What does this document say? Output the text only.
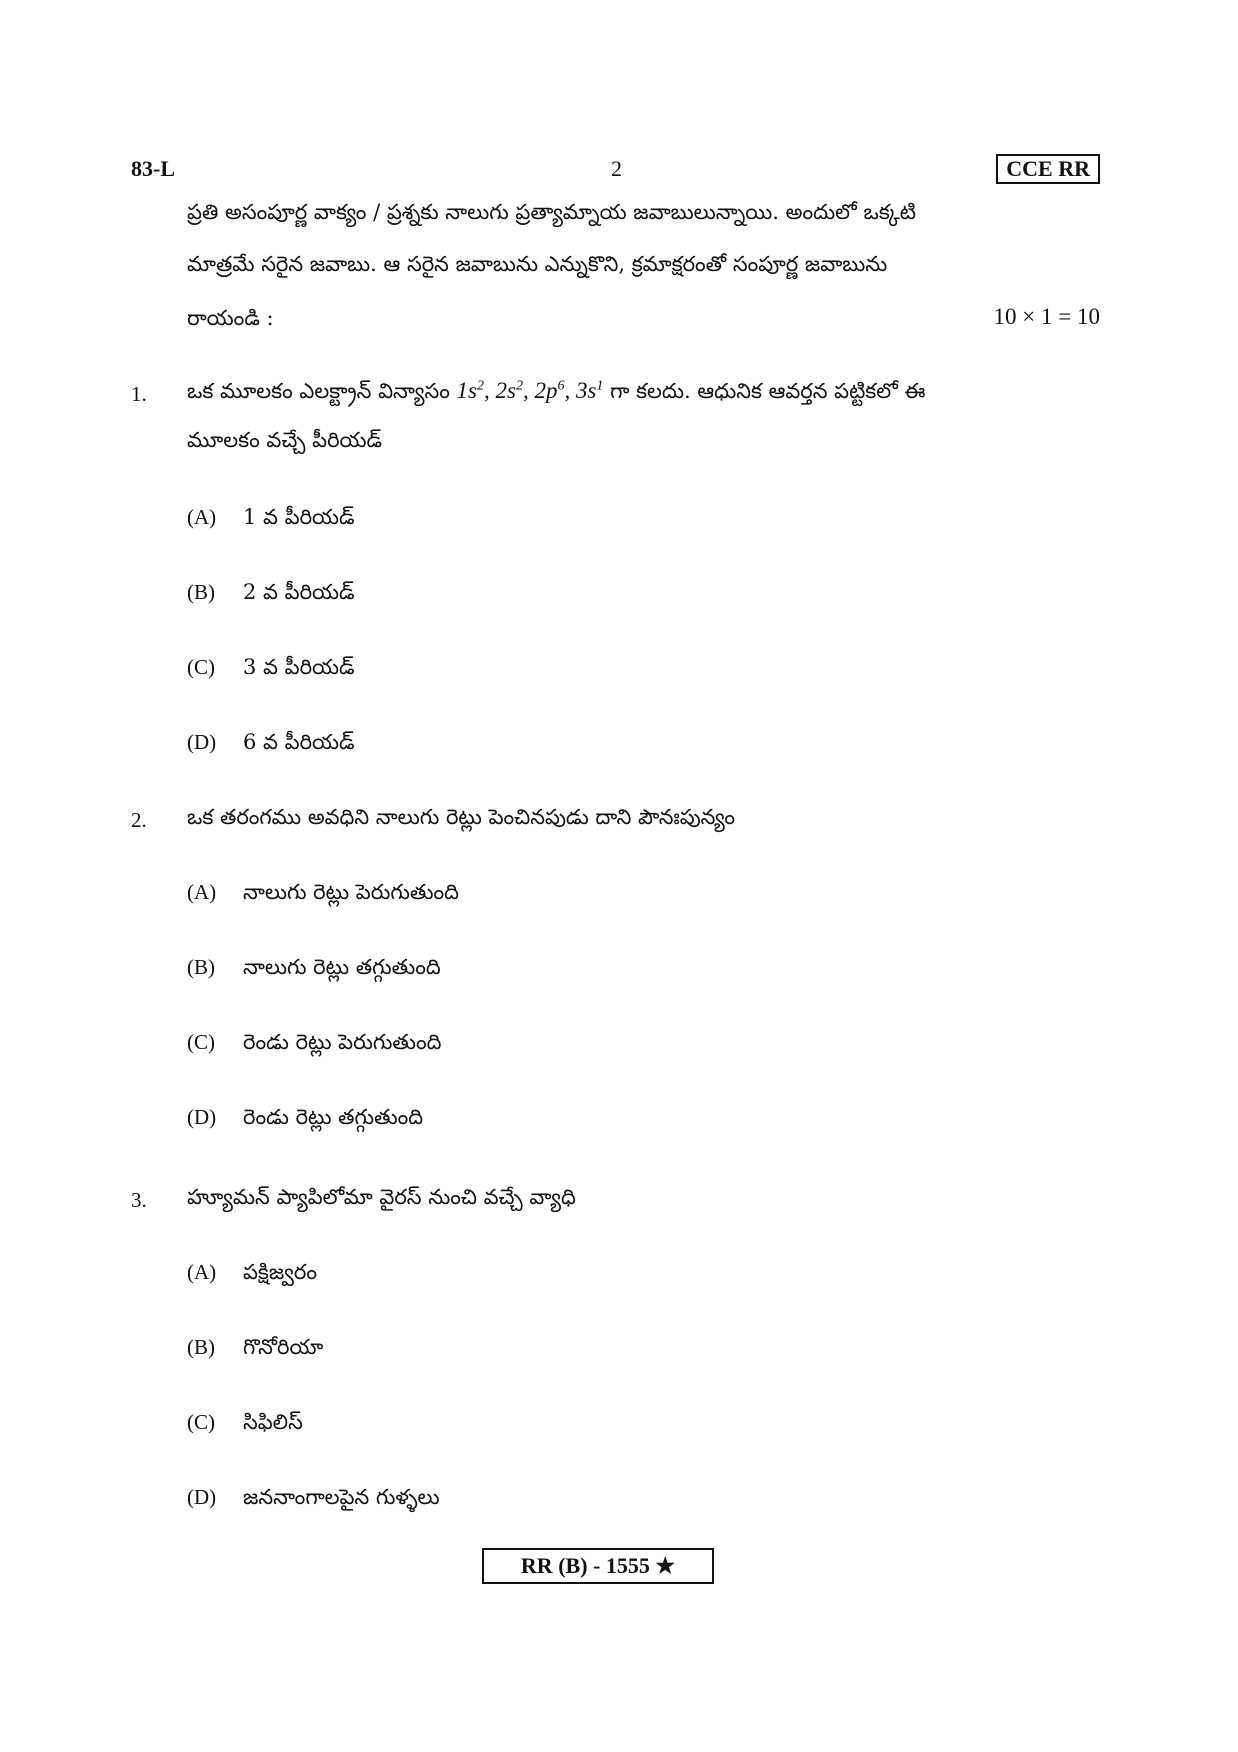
83-L	2	CCE RR
ప్రతి అసంపూర్ణ వాక్యం / ప్రశ్నకు నాలుగు ప్రత్యామ్నాయ జవాబులున్నాయి. అందులో ఒక్కటి
మాత్రమే సరైన జవాబు. ఆ సరైన జవాబును ఎన్నుకొని, క్రమాక్షరంతో సంపూర్ణ జవాబును
రాయండి :	10 × 1 = 10
1. ఒక మూలకం ఎలక్ట్రాన్ విన్యాసం $1s^2$, $2s^2$, $2p^6$, $3s^1$ గా కలదు. ఆధునిక ఆవర్తన పట్టికలో ఈ
మూలకం వచ్చే పీరియడ్
(A) 1 వ పీరియడ్
(B) 2 వ పీరియడ్
(C) 3 వ పీరియడ్
(D) 6 వ పీరియడ్
2. ఒక తరంగము అవధిని నాలుగు రెట్లు పెంచినపుడు దాని పౌనఃపున్యం
(A) నాలుగు రెట్లు పెరుగుతుంది
(B) నాలుగు రెట్లు తగ్గుతుంది
(C) రెండు రెట్లు పెరుగుతుంది
(D) రెండు రెట్లు తగ్గుతుంది
3. హ్యూమన్ ప్యాపిలోమా వైరస్ నుంచి వచ్చే వ్యాధి
(A) పక్షిజ్వరం
(B) గొనోరియా
(C) సిఫిలిస్
(D) జననాంగాలపైన గుళ్ళలు
RR (B) - 1555 ★
